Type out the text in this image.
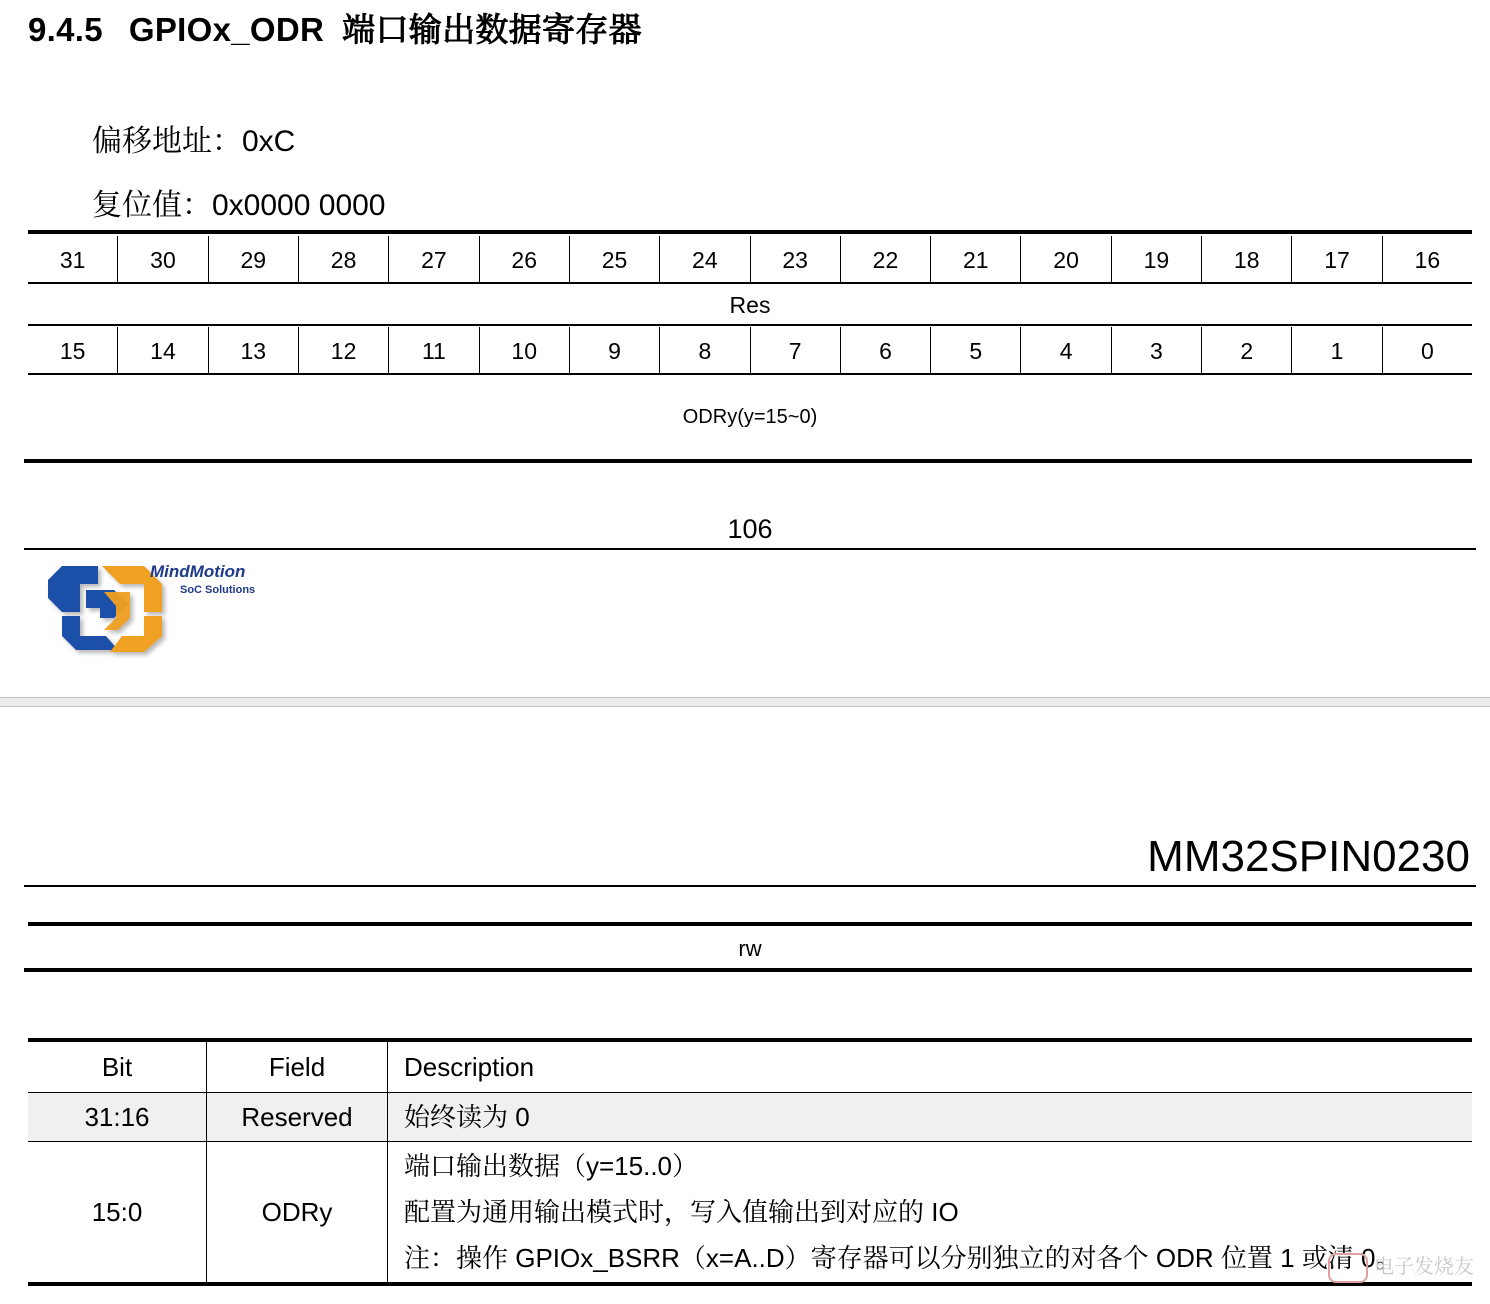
9.4.5 GPIOx_ODR 端口输出数据寄存器
偏移地址：0xC
复位值：0x0000 0000
31	30	29	28	27	26	25	24	23	22	21	20	19	18	17	16
Res
15	14	13	12	11	10	9	8	7	6	5	4	3	2	1	0
ODRy(y=15~0)
106
MindMotion
SoC Solutions
MM32SPIN0230
rw
Bit	Field	Description
31:16	Reserved	始终读为 0

15:0	ODRy	端口输出数据（y=15..0）
配置为通用输出模式时，写入值输出到对应的 IO
注：操作 GPIOx_BSRR（x=A..D）寄存器可以分别独立的对各个 ODR 位置 1 或清 0。
电子发烧友
